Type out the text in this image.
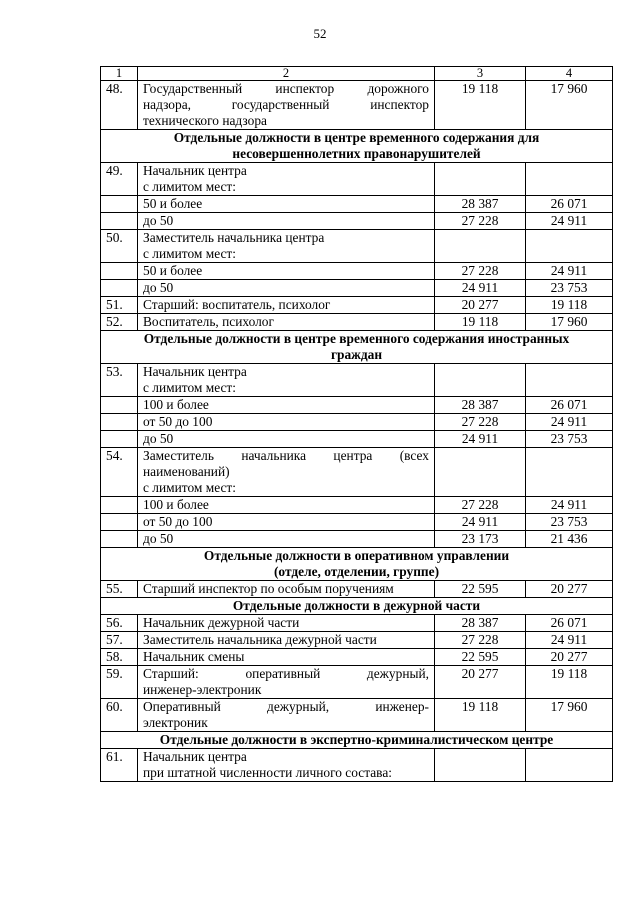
52
1	2	3	4
48.	Государственный инспектор дорожного
надзора, государственный инспектор
технического надзора	19 118	17 960

Отдельные должности в центре временного содержания для
несовершеннолетних правонарушителей			

49.	Начальник центра
с лимитом мест:		

	50 и более	28 387	26 071
	до 50	27 228	24 911
50.	Заместитель начальника центра
с лимитом мест:		

	50 и более	27 228	24 911
	до 50	24 911	23 753
51.	Старший: воспитатель, психолог	20 277	19 118
52.	Воспитатель, психолог	19 118	17 960

Отдельные должности в центре временного содержания иностранных
граждан			

53.	Начальник центра
с лимитом мест:		

	100 и более	28 387	26 071
	от 50 до 100	27 228	24 911
	до 50	24 911	23 753
54.	Заместитель начальника центра (всех
наименований)
с лимитом мест:		

	100 и более	27 228	24 911
	от 50 до 100	24 911	23 753
	до 50	23 173	21 436

Отдельные должности в оперативном управлении
(отделе, отделении, группе)			

55.	Старший инспектор по особым поручениям	22 595	20 277

Отдельные должности в дежурной части			

56.	Начальник дежурной части	28 387	26 071
57.	Заместитель начальника дежурной части	27 228	24 911
58.	Начальник смены	22 595	20 277
59.	Старший: оперативный дежурный,
инженер-электроник	20 277	19 118
60.	Оперативный дежурный, инженер-
электроник	19 118	17 960

Отдельные должности в экспертно-криминалистическом центре			

61.	Начальник центра
при штатной численности личного состава:		
